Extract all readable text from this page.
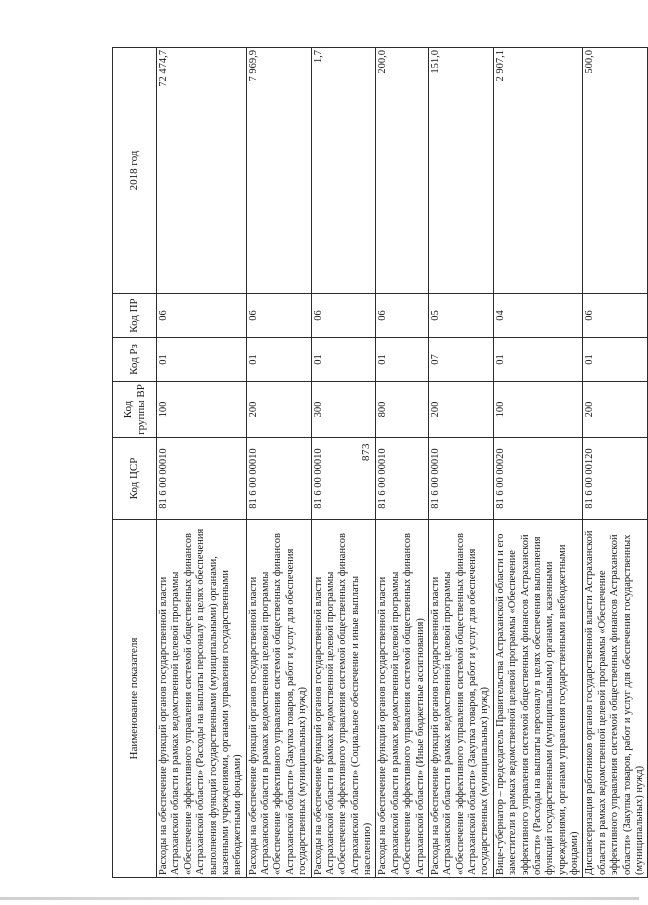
873
Наименование показателя	Код ЦСР	Код группы ВР	Код Рз	Код ПР	2018 год
Расходы на обеспечение функций органов государственной власти Астраханской области в рамках ведомственной целевой программы «Обеспечение эффективного управления системой общественных финансов Астраханской области» (Расходы на выплаты персоналу в целях обеспечения выполнения функций государственными (муниципальными) органами, казенными учреждениями, органами управления государственными внебюджетными фондами)	81 6 00 00010	100	01	06	72 474,7
Расходы на обеспечение функций органов государственной власти Астраханской области в рамках ведомственной целевой программы «Обеспечение эффективного управления системой общественных финансов Астраханской области» (Закупка товаров, работ и услуг для обеспечения государственных (муниципальных) нужд)	81 6 00 00010	200	01	06	7 969,9
Расходы на обеспечение функций органов государственной власти Астраханской области в рамках ведомственной целевой программы «Обеспечение эффективного управления системой общественных финансов Астраханской области» (Социальное обеспечение и иные выплаты населению)	81 6 00 00010	300	01	06	1,7
Расходы на обеспечение функций органов государственной власти Астраханской области в рамках ведомственной целевой программы «Обеспечение эффективного управления системой общественных финансов Астраханской области» (Иные бюджетные ассигнования)	81 6 00 00010	800	01	06	200,0
Расходы на обеспечение функций органов государственной власти Астраханской области в рамках ведомственной целевой программы «Обеспечение эффективного управления системой общественных финансов Астраханской области» (Закупка товаров, работ и услуг для обеспечения государственных (муниципальных) нужд)	81 6 00 00010	200	07	05	151,0
Вице-губернатор – председатель Правительства Астраханской области и его заместители в рамках ведомственной целевой программы «Обеспечение эффективного управления системой общественных финансов Астраханской области» (Расходы на выплаты персоналу в целях обеспечения выполнения функций государственными (муниципальными) органами, казенными учреждениями, органами управления государственными внебюджетными фондами)	81 6 00 00020	100	01	04	2 907,1
Диспансеризация работников органов государственной власти Астраханской области в рамках ведомственной целевой программы «Обеспечение эффективного управления системой общественных финансов Астраханской области» (Закупка товаров, работ и услуг для обеспечения государственных (муниципальных) нужд)	81 6 00 00120	200	01	06	500,0
